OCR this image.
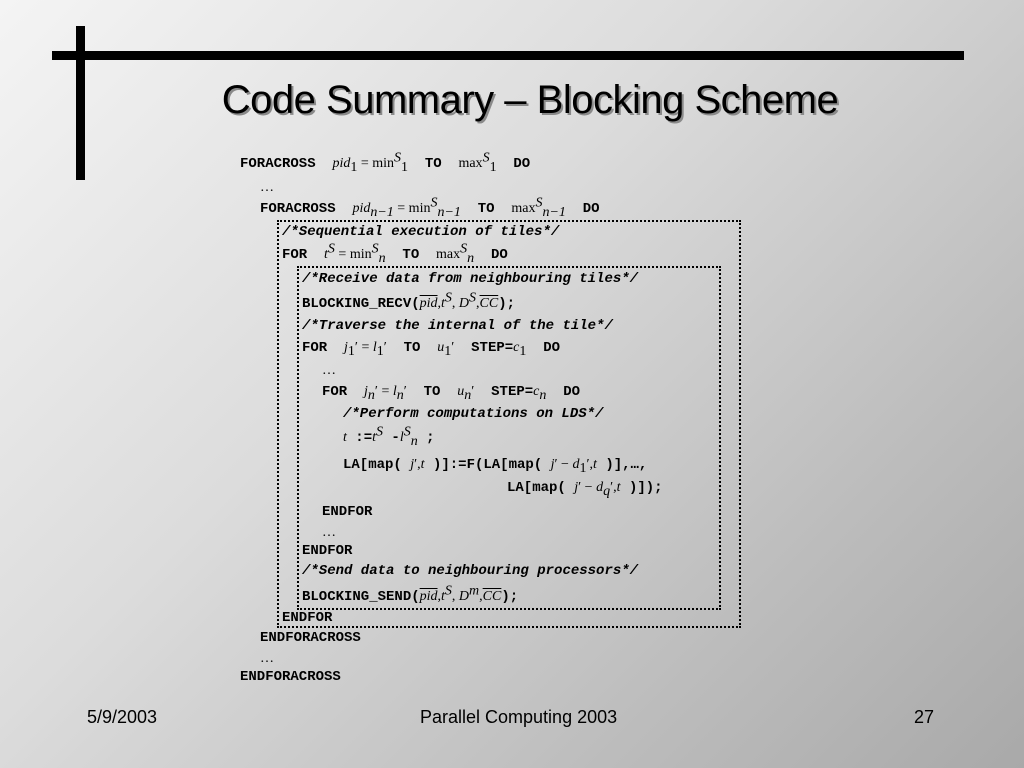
Code Summary – Blocking Scheme
FORACROSS $pid_1 = \min^S_1$ TO $\max^S_1$ DO
…
FORACROSS $pid_{n-1} = \min^S_{n-1}$ TO $\max^S_{n-1}$ DO
/*Sequential execution of tiles*/
FOR $t^S = \min^S_n$ TO $\max^S_n$ DO
/*Receive data from neighbouring tiles*/
$BLOCKING\_RECV(\overline{pid},t^S$, $D^S,\overline{CC}$);
/*Traverse the internal of the tile*/
FOR $j_1' = l_1'$ TO $u_1'$ $STEP=c_1$ DO
…
FOR $j_n' = l_n'$ TO $u_n'$ $STEP=c_n$ DO
/*Perform computations on LDS*/
t $:=t^S$ $-l^S_n$ ;
LA[map( j′,t )]:=F(LA[map( $j' - d_1',t$ )],…,
LA[map( $j' - d_q',t$ )]);
ENDFOR
…
ENDFOR
/*Send data to neighbouring processors*/
$BLOCKING\_SEND(\overline{pid},t^S$, $D^m,\overline{CC}$);
ENDFOR
ENDFORACROSS
…
ENDFORACROSS
5/9/2003	Parallel Computing 2003	27
